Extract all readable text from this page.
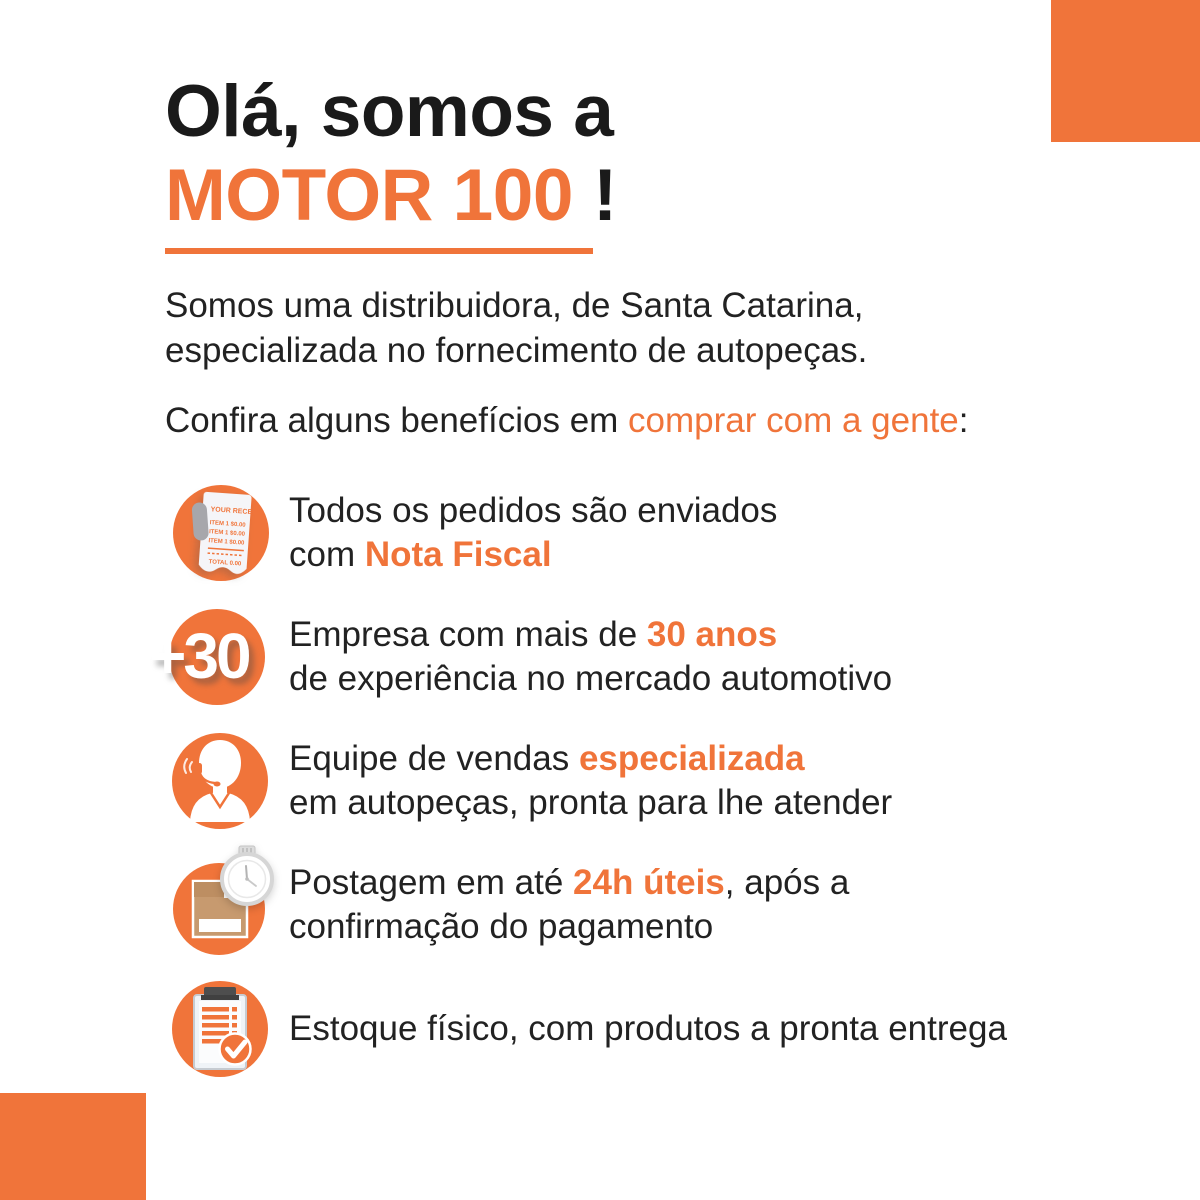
Olá, somos a
MOTOR 100 !

Somos uma distribuidora, de Santa Catarina,
especializada no fornecimento de autopeças.

Confira alguns benefícios em comprar com a gente:

YOUR RECEIPT
ITEM 1 $0.00
ITEM 1 $0.00
ITEM 1 $0.00
TOTAL 0.00

Todos os pedidos são enviados
com Nota Fiscal

+30 Empresa com mais de 30 anos
de experiência no mercado automotivo

Equipe de vendas especializada
em autopeças, pronta para lhe atender

Postagem em até 24h úteis, após a
confirmação do pagamento

Estoque físico, com produtos a pronta entrega
